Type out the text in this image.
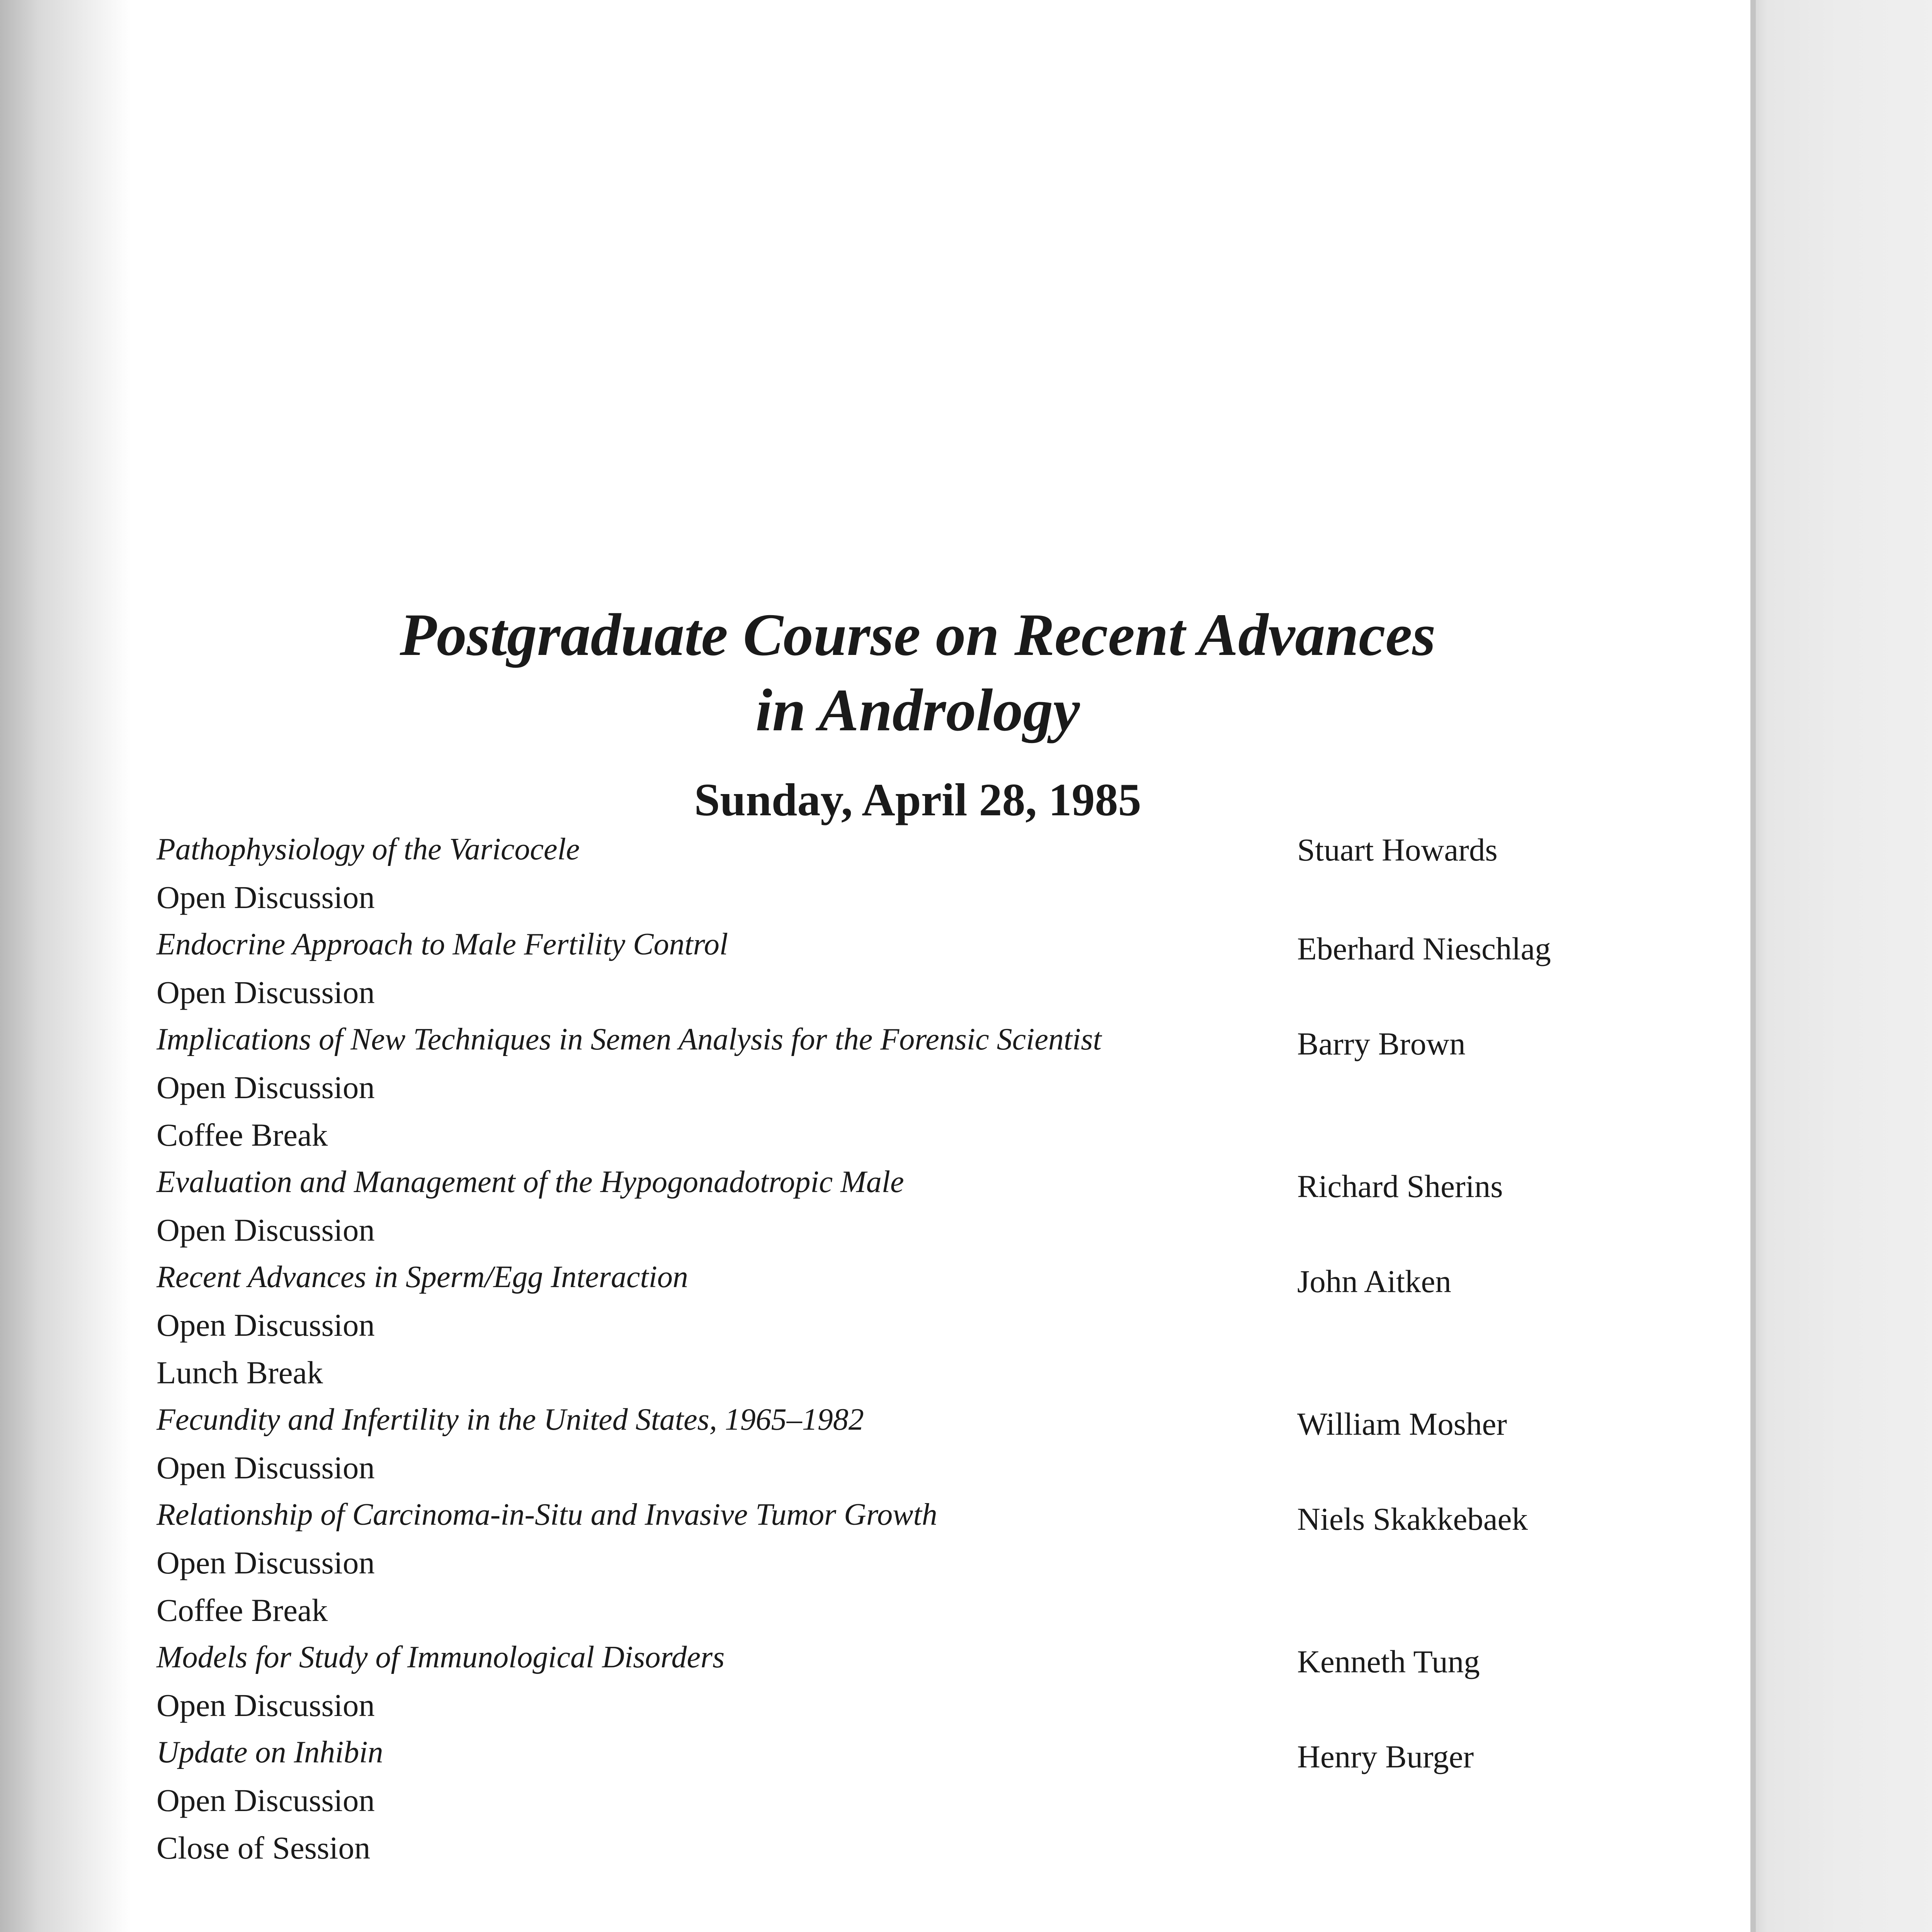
Postgraduate Course on Recent Advances
in Andrology
Sunday, April 28, 1985
Pathophysiology of the Varicocele	Stuart Howards
Open Discussion
Endocrine Approach to Male Fertility Control	Eberhard Nieschlag
Open Discussion
Implications of New Techniques in Semen Analysis for the Forensic Scientist	Barry Brown
Open Discussion
Coffee Break
Evaluation and Management of the Hypogonadotropic Male	Richard Sherins
Open Discussion
Recent Advances in Sperm/Egg Interaction	John Aitken
Open Discussion
Lunch Break
Fecundity and Infertility in the United States, 1965–1982	William Mosher
Open Discussion
Relationship of Carcinoma-in-Situ and Invasive Tumor Growth	Niels Skakkebaek
Open Discussion
Coffee Break
Models for Study of Immunological Disorders	Kenneth Tung
Open Discussion
Update on Inhibin	Henry Burger
Open Discussion
Close of Session
